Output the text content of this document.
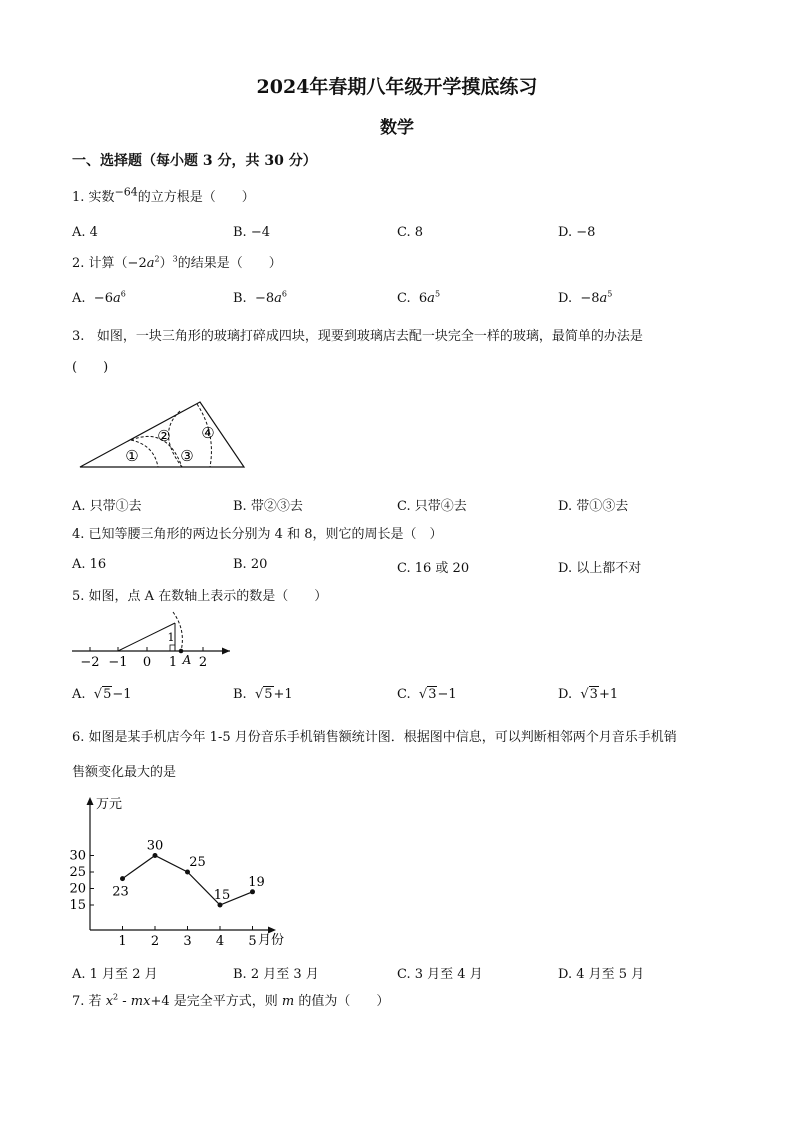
2024年春期八年级开学摸底练习
数学
一、选择题（每小题 3 分，共 30 分）
1. 实数$^{-64}$的立方根是（　　）
A. 4	B. −4	C. 8	D. −8
2. 计算$(-2a^2)^3$的结果是（　　）
A. $-6a^6$	B. $-8a^6$	C. $6a^5$	D. $-8a^5$
3. 如图，一块三角形的玻璃打碎成四块，现要到玻璃店去配一块完全一样的玻璃，最简单的办法是
(　　)
①
②
③
④
A. 只带①去	B. 带②③去	C. 只带④去	D. 带①③去
4. 已知等腰三角形的两边长分别为 4 和 8，则它的周长是（　）
A. 16	B. 20	C. 16 或 20	D. 以上都不对
5. 如图，点 A 在数轴上表示的数是（　　）
−2 −1 0 1 2
1
A
A. √5−1	B. √5+1	C. √3−1	D. √3+1
6. 如图是某手机店今年 1-5 月份音乐手机销售额统计图．根据图中信息，可以判断相邻两个月音乐手机销
售额变化最大的是
万元
月份
15
20
25
30
1 2 3 4 5
23
30
25
15
19
A. 1 月至 2 月	B. 2 月至 3 月	C. 3 月至 4 月	D. 4 月至 5 月
7. 若 $x^2 - mx+4$ 是完全平方式，则 m 的值为（　　）
